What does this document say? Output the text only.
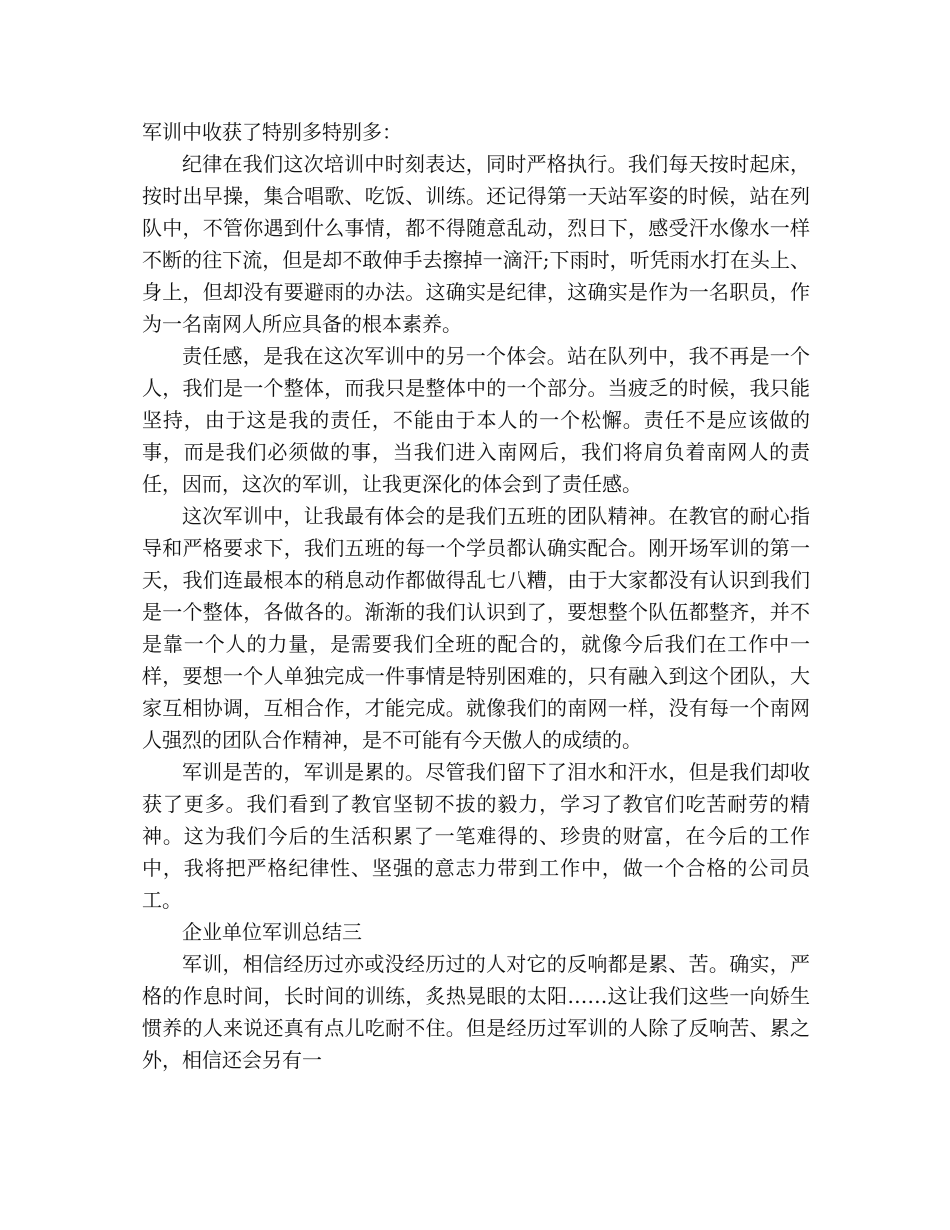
军训中收获了特别多特别多：

纪律在我们这次培训中时刻表达，同时严格执行。我们每天按时起床，按时出早操，集合唱歌、吃饭、训练。还记得第一天站军姿的时候，站在列队中，不管你遇到什么事情，都不得随意乱动，烈日下，感受汗水像水一样不断的往下流，但是却不敢伸手去擦掉一滴汗;下雨时，听凭雨水打在头上、身上，但却没有要避雨的办法。这确实是纪律，这确实是作为一名职员，作为一名南网人所应具备的根本素养。

责任感，是我在这次军训中的另一个体会。站在队列中，我不再是一个人，我们是一个整体，而我只是整体中的一个部分。当疲乏的时候，我只能坚持，由于这是我的责任，不能由于本人的一个松懈。责任不是应该做的事，而是我们必须做的事，当我们进入南网后，我们将肩负着南网人的责任，因而，这次的军训，让我更深化的体会到了责任感。

这次军训中，让我最有体会的是我们五班的团队精神。在教官的耐心指导和严格要求下，我们五班的每一个学员都认确实配合。刚开场军训的第一天，我们连最根本的稍息动作都做得乱七八糟，由于大家都没有认识到我们是一个整体，各做各的。渐渐的我们认识到了，要想整个队伍都整齐，并不是靠一个人的力量，是需要我们全班的配合的，就像今后我们在工作中一样，要想一个人单独完成一件事情是特别困难的，只有融入到这个团队，大家互相协调，互相合作，才能完成。就像我们的南网一样，没有每一个南网人强烈的团队合作精神，是不可能有今天傲人的成绩的。

军训是苦的，军训是累的。尽管我们留下了泪水和汗水，但是我们却收获了更多。我们看到了教官坚韧不拔的毅力，学习了教官们吃苦耐劳的精神。这为我们今后的生活积累了一笔难得的、珍贵的财富，在今后的工作中，我将把严格纪律性、坚强的意志力带到工作中，做一个合格的公司员工。

企业单位军训总结三

军训，相信经历过亦或没经历过的人对它的反响都是累、苦。确实，严格的作息时间，长时间的训练，炙热晃眼的太阳……这让我们这些一向娇生惯养的人来说还真有点儿吃耐不住。但是经历过军训的人除了反响苦、累之外，相信还会另有一
